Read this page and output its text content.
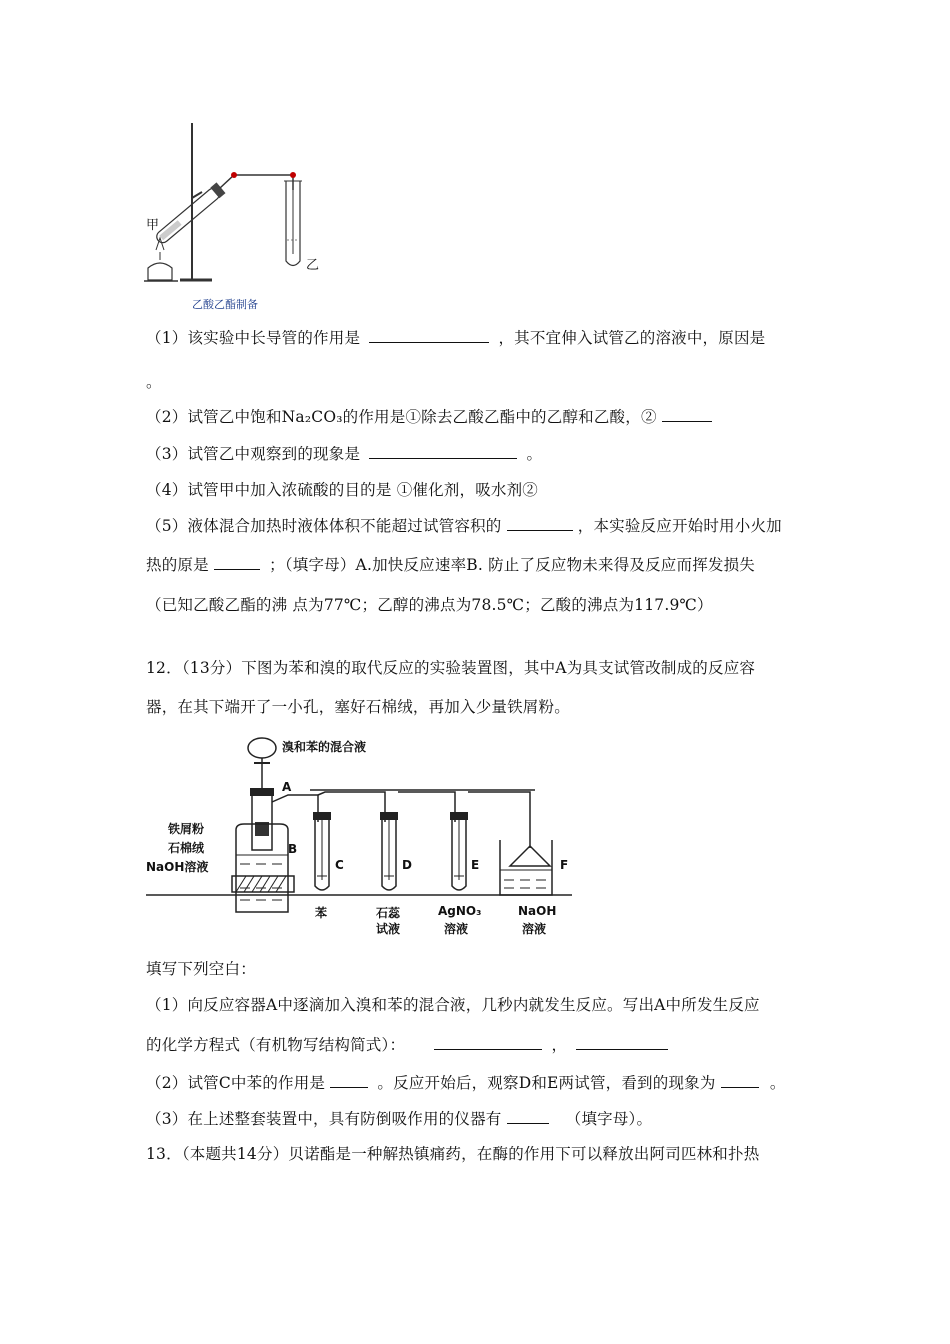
甲
乙
乙酸乙酯制备
（1）该实验中长导管的作用是	，其不宜伸入试管乙的溶液中，原因是
。
（2）试管乙中饱和Na₂CO₃的作用是①除去乙酸乙酯中的乙醇和乙酸，②
（3）试管乙中观察到的现象是	。
（4）试管甲中加入浓硫酸的目的是 ①催化剂，吸水剂②
（5）液体混合加热时液体体积不能超过试管容积的	，本实验反应开始时用小火加
热的原是	；（填字母）A.加快反应速率B. 防止了反应物未来得及反应而挥发损失
（已知乙酸乙酯的沸 点为77℃；乙醇的沸点为78.5℃；乙酸的沸点为117.9℃）
12．（13分）下图为苯和溴的取代反应的实验装置图，其中A为具支试管改制成的反应容
器，在其下端开了一小孔，塞好石棉绒，再加入少量铁屑粉。
溴和苯的混合液
A
B
C	D	E	F
铁屑粉
石棉绒
NaOH溶液
苯	石蕊
试液
AgNO₃
溶液
NaOH
溶液
填写下列空白：
（1）向反应容器A中逐滴加入溴和苯的混合液，几秒内就发生反应。写出A中所发生反应
的化学方程式（有机物写结构简式）：	，
（2）试管C中苯的作用是	。反应开始后，观察D和E两试管，看到的现象为	。
（3）在上述整套装置中，具有防倒吸作用的仪器有	（填字母）。
13．（本题共14分）贝诺酯是一种解热镇痛药，在酶的作用下可以释放出阿司匹林和扑热
